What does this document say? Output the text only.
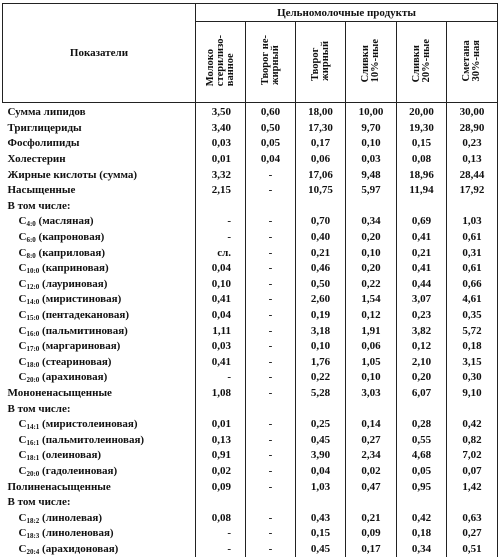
Показатели	Цельномолочные продукты					
	Молоко
стерилизо-
ванное	Творог не-
жирный	Творог
жирный	Сливки
10%-ные	Сливки
20%-ные	Сметана
30%-ная
Сумма липидов	3,50	0,60	18,00	10,00	20,00	30,00
Триглицериды	3,40	0,50	17,30	9,70	19,30	28,90
Фосфолипиды	0,03	0,05	0,17	0,10	0,15	0,23
Холестерин	0,01	0,04	0,06	0,03	0,08	0,13
Жирные кислоты (сумма)	3,32	-	17,06	9,48	18,96	28,44
Насыщенные	2,15	-	10,75	5,97	11,94	17,92
В том числе:						
$C_{4:0}$ (масляная)	-	-	0,70	0,34	0,69	1,03
$C_{6:0}$ (капроновая)	-	-	0,40	0,20	0,41	0,61
$C_{8:0}$ (каприловая)	сл.	-	0,21	0,10	0,21	0,31
$C_{10:0}$ (каприновая)	0,04	-	0,46	0,20	0,41	0,61
$C_{12:0}$ (лауриновая)	0,10	-	0,50	0,22	0,44	0,66
$C_{14:0}$ (миристиновая)	0,41	-	2,60	1,54	3,07	4,61
$C_{15:0}$ (пентадекановая)	0,04	-	0,19	0,12	0,23	0,35
$C_{16:0}$ (пальмитиновая)	1,11	-	3,18	1,91	3,82	5,72
$C_{17:0}$ (маргариновая)	0,03	-	0,10	0,06	0,12	0,18
$C_{18:0}$ (стеариновая)	0,41	-	1,76	1,05	2,10	3,15
$C_{20:0}$ (арахиновая)	-	-	0,22	0,10	0,20	0,30
Мононенасыщенные	1,08	-	5,28	3,03	6,07	9,10
В том числе:						
$C_{14:1}$ (миристолеиновая)	0,01	-	0,25	0,14	0,28	0,42
$C_{16:1}$ (пальмитолеиновая)	0,13	-	0,45	0,27	0,55	0,82
$C_{18:1}$ (олеиновая)	0,91	-	3,90	2,34	4,68	7,02
$C_{20:0}$ (гадолеиновая)	0,02	-	0,04	0,02	0,05	0,07
Полиненасыщенные	0,09	-	1,03	0,47	0,95	1,42
В том числе:						
$C_{18:2}$ (линолевая)	0,08	-	0,43	0,21	0,42	0,63
$C_{18:3}$ (линоленовая)	-	-	0,15	0,09	0,18	0,27
$C_{20:4}$ (арахидоновая)	-	-	0,45	0,17	0,34	0,51
